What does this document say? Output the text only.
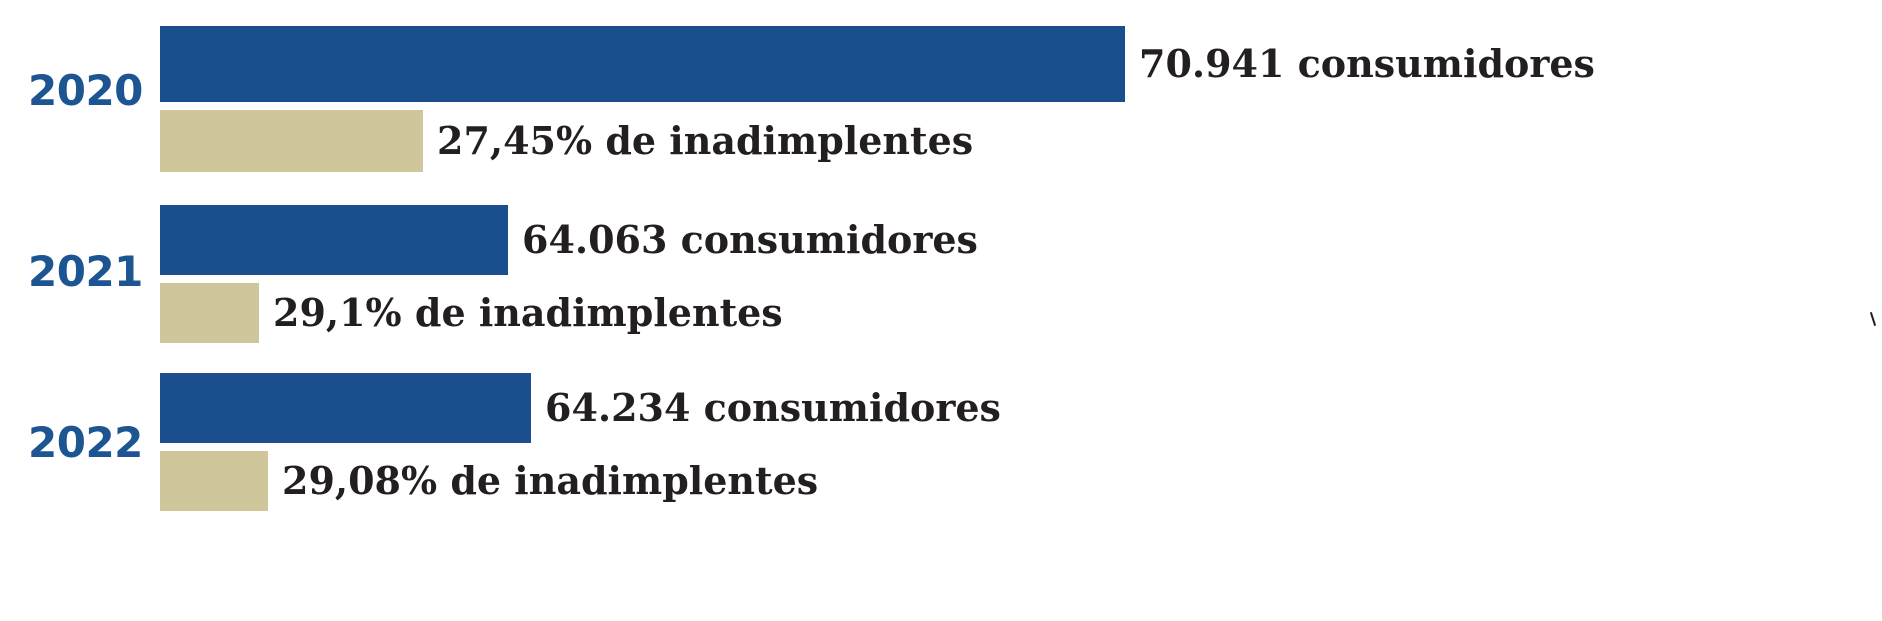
2020
70.941 consumidores
27,45% de inadimplentes
2021
64.063 consumidores
29,1% de inadimplentes
2022
64.234 consumidores
29,08% de inadimplentes
